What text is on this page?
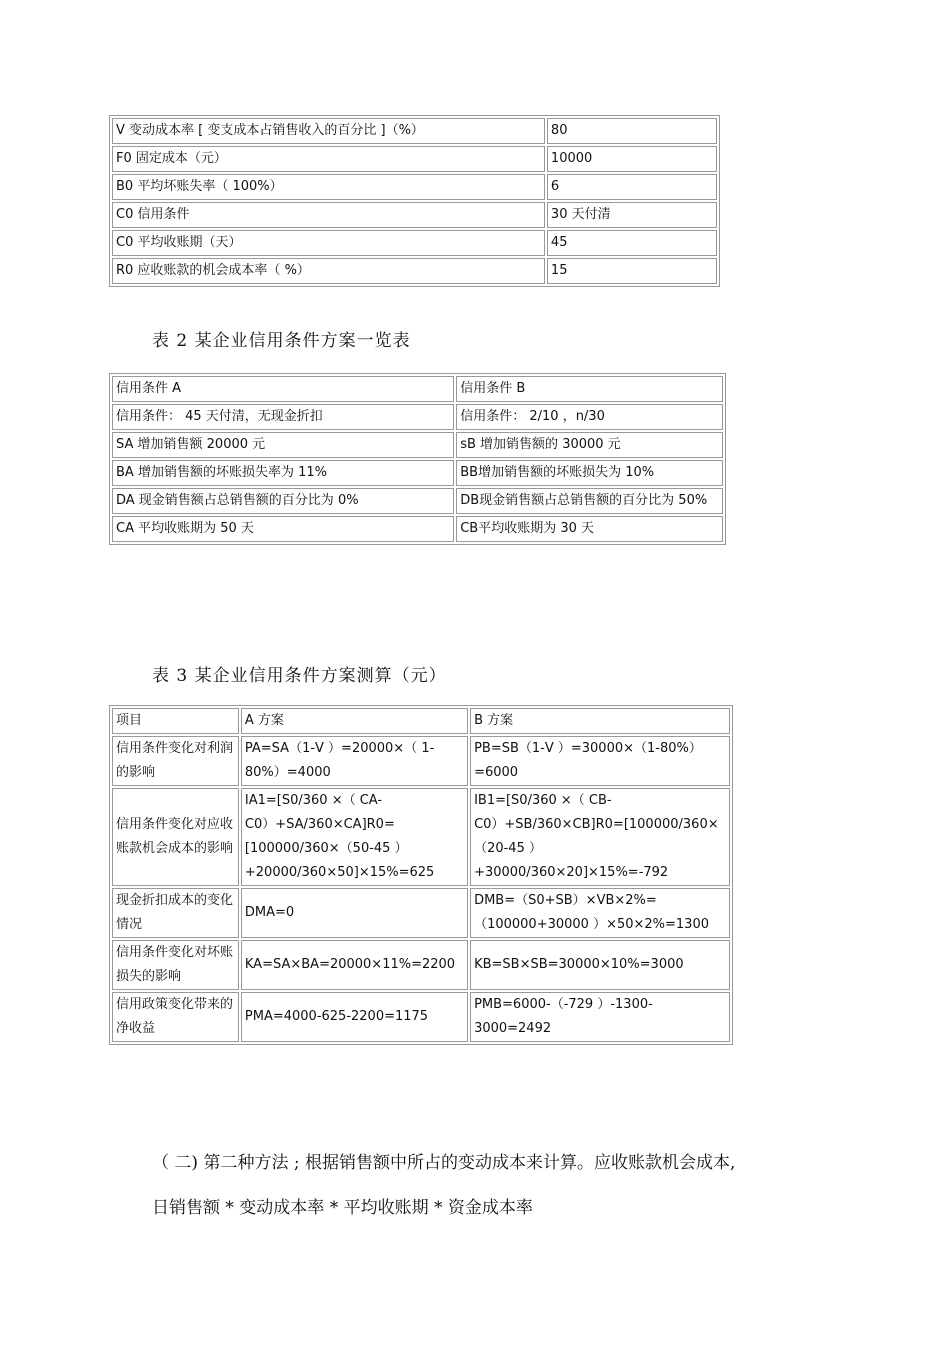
V 变动成本率 [ 变支成本占销售收入的百分比 ]（%）	80
F0 固定成本（元）	10000
B0 平均坏账失率（ 100%）	6
C0 信用条件	30 天付清
C0 平均收账期（天）	45
R0 应收账款的机会成本率（ %）	15
表 2 某企业信用条件方案一览表
信用条件 A	信用条件 B
信用条件： 45 天付清，无现金折扣	信用条件： 2/10 ，n/30
SA 增加销售额 20000 元	sB 增加销售额的 30000 元
BA 增加销售额的坏账损失率为 11%	BB增加销售额的坏账损失为 10%
DA 现金销售额占总销售额的百分比为 0%	DB现金销售额占总销售额的百分比为 50%
CA 平均收账期为 50 天	CB平均收账期为 30 天
表 3 某企业信用条件方案测算（元）
项目	A 方案	B 方案
信用条件变化对利润的影响	PA=SA（1-V ）=20000×（ 1-80%）=4000	PB=SB（1-V ）=30000×（1-80%）=6000
信用条件变化对应收账款机会成本的影响	IA1=[S0/360 ×（ CA-C0）+SA/360×CA]R0=[100000/360×（50-45 ）+20000/360×50]×15%=625	IB1=[S0/360 ×（ CB-C0）+SB/360×CB]R0=[100000/360×（20-45 ）+30000/360×20]×15%=-792
现金折扣成本的变化情况	DMA=0	DMB=（S0+SB）×VB×2%=（100000+30000 ）×50×2%=1300
信用条件变化对坏账损失的影响	KA=SA×BA=20000×11%=2200	KB=SB×SB=30000×10%=3000
信用政策变化带来的净收益	PMA=4000-625-2200=1175	PMB=6000-（-729 ）-1300-3000=2492
（ 二) 第二种方法 ; 根据销售额中所占的变动成本来计算。应收账款机会成本,
日销售额 * 变动成本率 * 平均收账期 * 资金成本率
